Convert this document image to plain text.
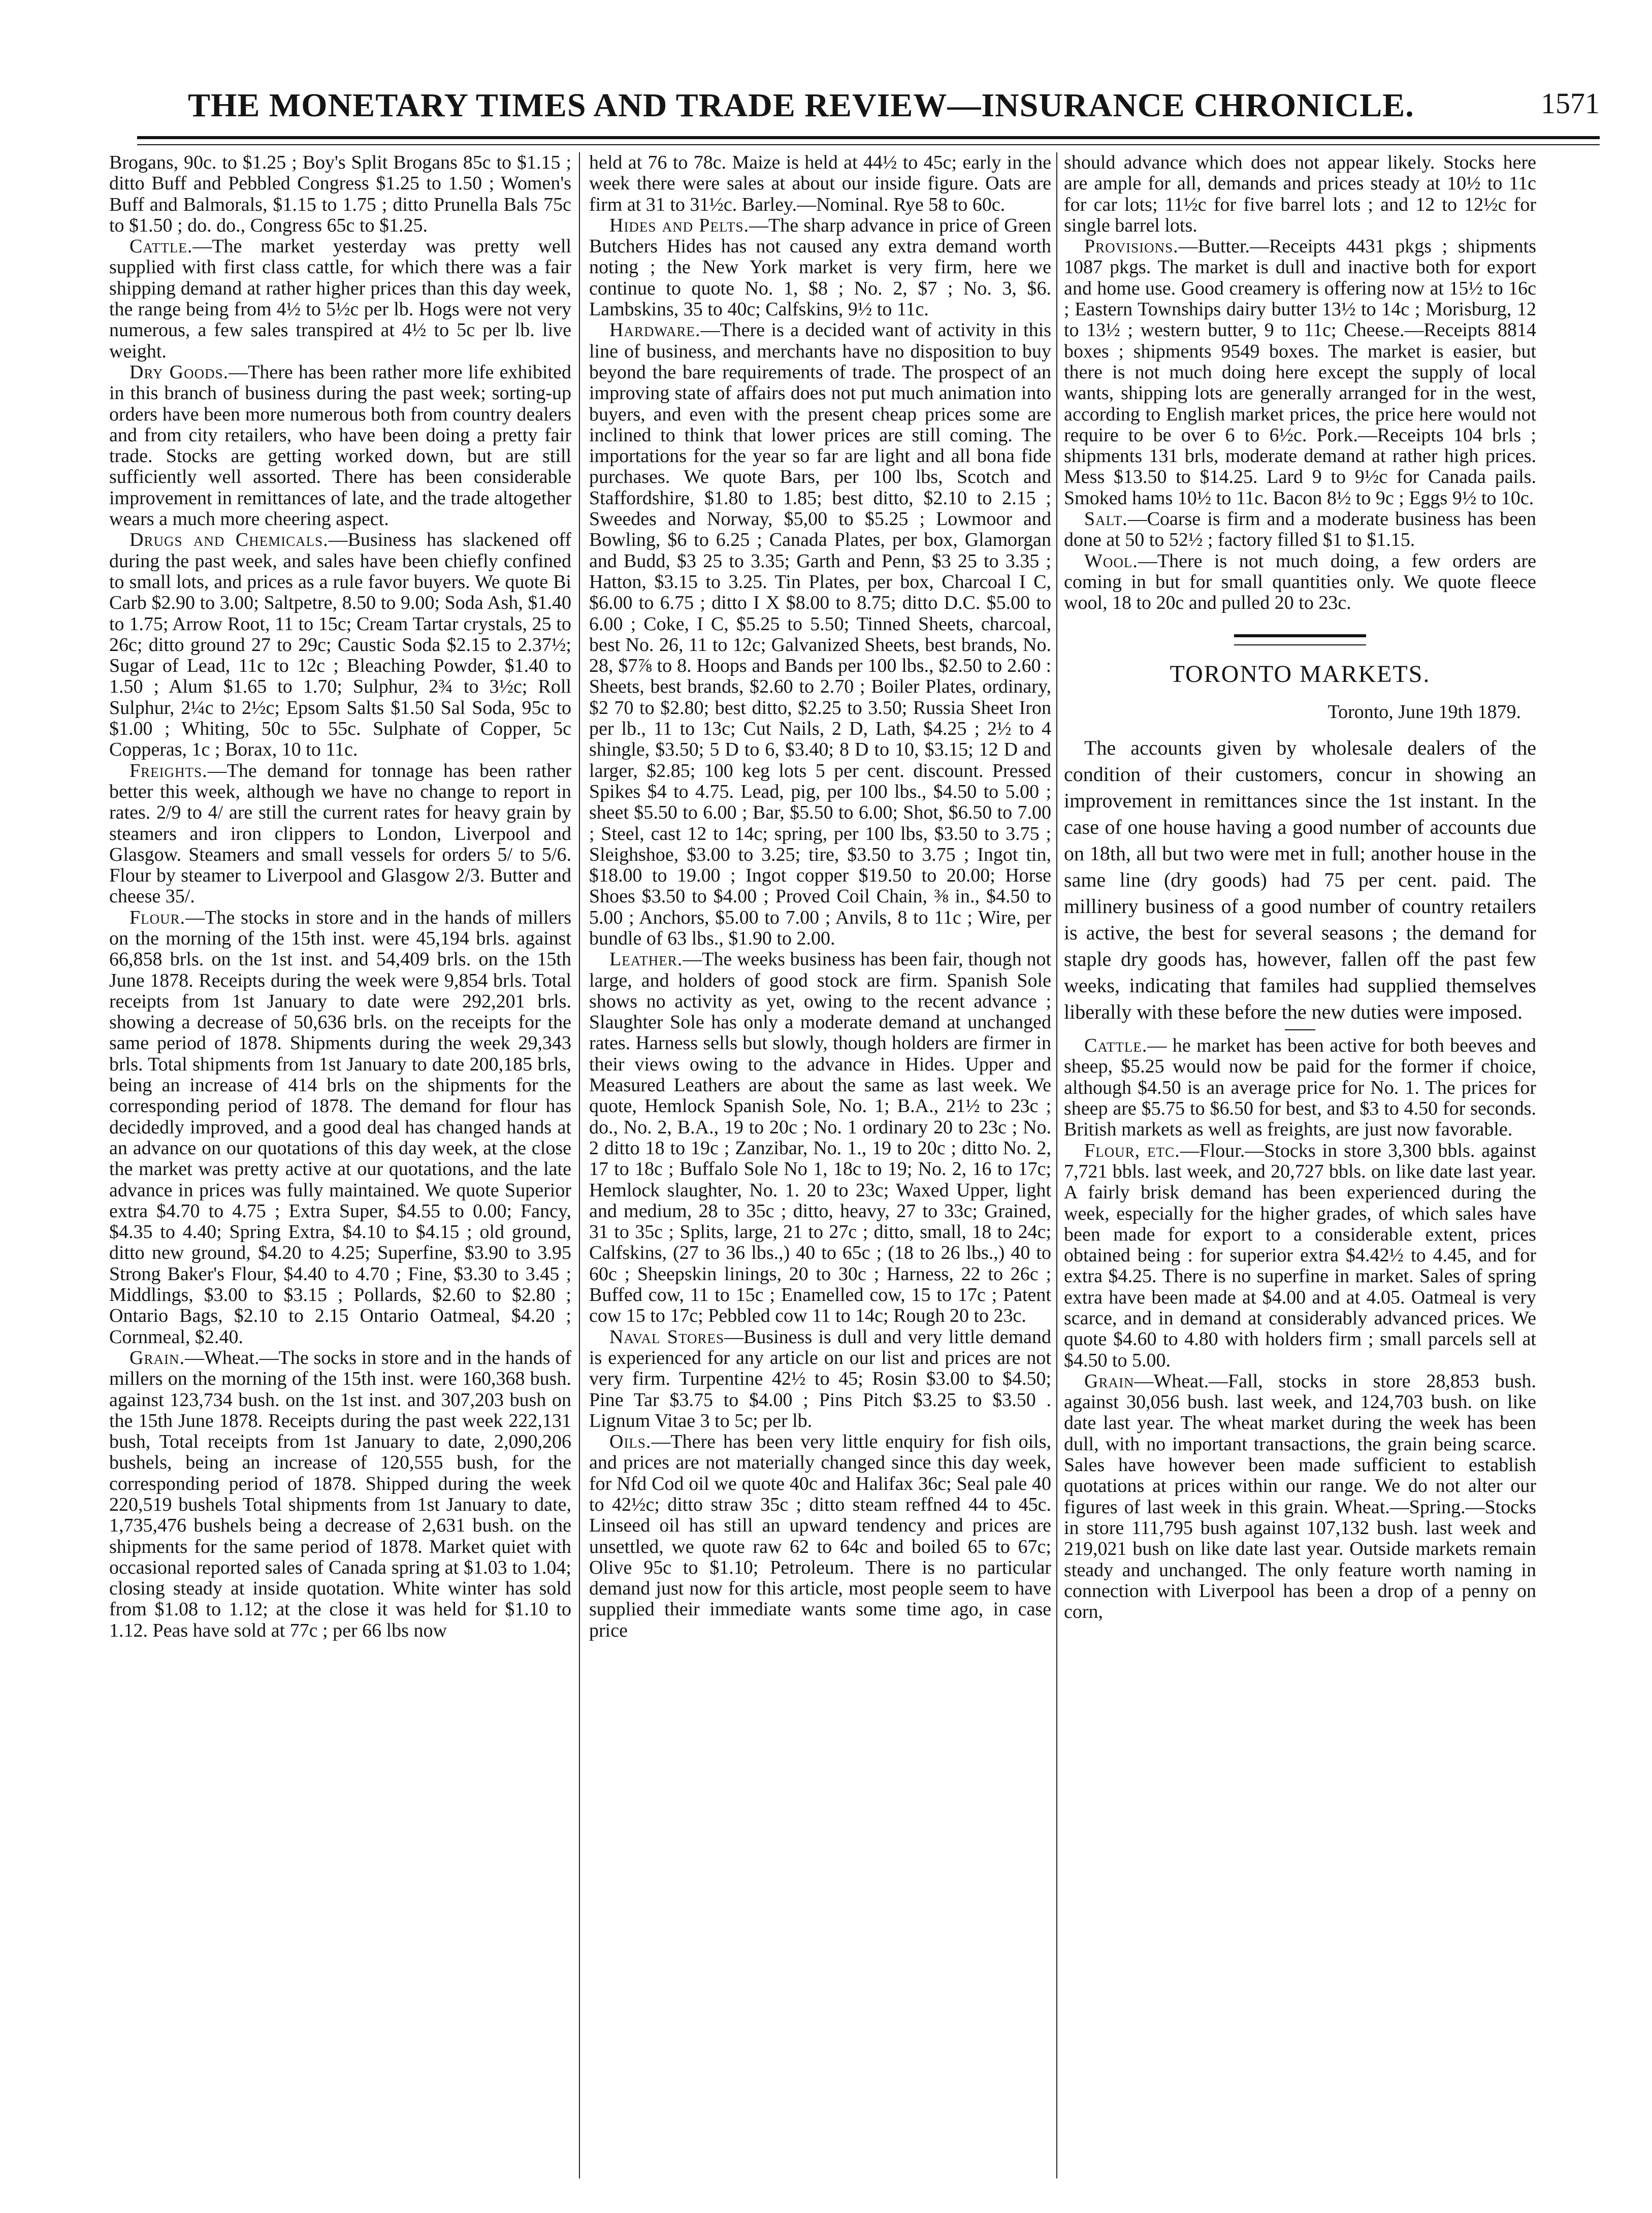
THE MONETARY TIMES AND TRADE REVIEW—INSURANCE CHRONICLE.	1571

Brogans, 90c. to $1.25 ; Boy's Split Brogans 85c to $1.15 ; ditto Buff and Pebbled Congress $1.25 to 1.50 ; Women's Buff and Balmorals, $1.15 to 1.75 ; ditto Prunella Bals 75c to $1.50 ; do. do., Congress 65c to $1.25.

Cattle.—The market yesterday was pretty well supplied with first class cattle, for which there was a fair shipping demand at rather higher prices than this day week, the range being from 4½ to 5½c per lb. Hogs were not very numerous, a few sales transpired at 4½ to 5c per lb. live weight.

Dry Goods.—There has been rather more life exhibited in this branch of business during the past week; sorting-up orders have been more numerous both from country dealers and from city retailers, who have been doing a pretty fair trade. Stocks are getting worked down, but are still sufficiently well assorted. There has been considerable improvement in remittances of late, and the trade altogether wears a much more cheering aspect.

Drugs and Chemicals.—Business has slackened off during the past week, and sales have been chiefly confined to small lots, and prices as a rule favor buyers. We quote Bi Carb $2.90 to 3.00; Saltpetre, 8.50 to 9.00; Soda Ash, $1.40 to 1.75; Arrow Root, 11 to 15c; Cream Tartar crystals, 25 to 26c; ditto ground 27 to 29c; Caustic Soda $2.15 to 2.37½; Sugar of Lead, 11c to 12c ; Bleaching Powder, $1.40 to 1.50 ; Alum $1.65 to 1.70; Sulphur, 2¾ to 3½c; Roll Sulphur, 2¼c to 2½c; Epsom Salts $1.50 Sal Soda, 95c to $1.00 ; Whiting, 50c to 55c. Sulphate of Copper, 5c Copperas, 1c ; Borax, 10 to 11c.

Freights.—The demand for tonnage has been rather better this week, although we have no change to report in rates. 2/9 to 4/ are still the current rates for heavy grain by steamers and iron clippers to London, Liverpool and Glasgow. Steamers and small vessels for orders 5/ to 5/6. Flour by steamer to Liverpool and Glasgow 2/3. Butter and cheese 35/.

Flour.—The stocks in store and in the hands of millers on the morning of the 15th inst. were 45,194 brls. against 66,858 brls. on the 1st inst. and 54,409 brls. on the 15th June 1878. Receipts during the week were 9,854 brls. Total receipts from 1st January to date were 292,201 brls. showing a decrease of 50,636 brls. on the receipts for the same period of 1878. Shipments during the week 29,343 brls. Total shipments from 1st January to date 200,185 brls, being an increase of 414 brls on the shipments for the corresponding period of 1878. The demand for flour has decidedly improved, and a good deal has changed hands at an advance on our quotations of this day week, at the close the market was pretty active at our quotations, and the late advance in prices was fully maintained. We quote Superior extra $4.70 to 4.75 ; Extra Super, $4.55 to 0.00; Fancy, $4.35 to 4.40; Spring Extra, $4.10 to $4.15 ; old ground, ditto new ground, $4.20 to 4.25; Superfine, $3.90 to 3.95 Strong Baker's Flour, $4.40 to 4.70 ; Fine, $3.30 to 3.45 ; Middlings, $3.00 to $3.15 ; Pollards, $2.60 to $2.80 ; Ontario Bags, $2.10 to 2.15 Ontario Oatmeal, $4.20 ; Cornmeal, $2.40.

Grain.—Wheat.—The socks in store and in the hands of millers on the morning of the 15th inst. were 160,368 bush. against 123,734 bush. on the 1st inst. and 307,203 bush on the 15th June 1878. Receipts during the past week 222,131 bush, Total receipts from 1st January to date, 2,090,206 bushels, being an increase of 120,555 bush, for the corresponding period of 1878. Shipped during the week 220,519 bushels Total shipments from 1st January to date, 1,735,476 bushels being a decrease of 2,631 bush. on the shipments for the same period of 1878. Market quiet with occasional reported sales of Canada spring at $1.03 to 1.04; closing steady at inside quotation. White winter has sold from $1.08 to 1.12; at the close it was held for $1.10 to 1.12. Peas have sold at 77c ; per 66 lbs now

held at 76 to 78c. Maize is held at 44½ to 45c; early in the week there were sales at about our inside figure. Oats are firm at 31 to 31½c. Barley.—Nominal. Rye 58 to 60c.

Hides and Pelts.—The sharp advance in price of Green Butchers Hides has not caused any extra demand worth noting ; the New York market is very firm, here we continue to quote No. 1, $8 ; No. 2, $7 ; No. 3, $6. Lambskins, 35 to 40c; Calfskins, 9½ to 11c.

Hardware.—There is a decided want of activity in this line of business, and merchants have no disposition to buy beyond the bare requirements of trade. The prospect of an improving state of affairs does not put much animation into buyers, and even with the present cheap prices some are inclined to think that lower prices are still coming. The importations for the year so far are light and all bona fide purchases. We quote Bars, per 100 lbs, Scotch and Staffordshire, $1.80 to 1.85; best ditto, $2.10 to 2.15 ; Sweedes and Norway, $5,00 to $5.25 ; Lowmoor and Bowling, $6 to 6.25 ; Canada Plates, per box, Glamorgan and Budd, $3 25 to 3.35; Garth and Penn, $3 25 to 3.35 ; Hatton, $3.15 to 3.25. Tin Plates, per box, Charcoal I C, $6.00 to 6.75 ; ditto I X $8.00 to 8.75; ditto D.C. $5.00 to 6.00 ; Coke, I C, $5.25 to 5.50; Tinned Sheets, charcoal, best No. 26, 11 to 12c; Galvanized Sheets, best brands, No. 28, $7⅞ to 8. Hoops and Bands per 100 lbs., $2.50 to 2.60 : Sheets, best brands, $2.60 to 2.70 ; Boiler Plates, ordinary, $2 70 to $2.80; best ditto, $2.25 to 3.50; Russia Sheet Iron per lb., 11 to 13c; Cut Nails, 2 D, Lath, $4.25 ; 2½ to 4 shingle, $3.50; 5 D to 6, $3.40; 8 D to 10, $3.15; 12 D and larger, $2.85; 100 keg lots 5 per cent. discount. Pressed Spikes $4 to 4.75. Lead, pig, per 100 lbs., $4.50 to 5.00 ; sheet $5.50 to 6.00 ; Bar, $5.50 to 6.00; Shot, $6.50 to 7.00 ; Steel, cast 12 to 14c; spring, per 100 lbs, $3.50 to 3.75 ; Sleighshoe, $3.00 to 3.25; tire, $3.50 to 3.75 ; Ingot tin, $18.00 to 19.00 ; Ingot copper $19.50 to 20.00; Horse Shoes $3.50 to $4.00 ; Proved Coil Chain, ⅜ in., $4.50 to 5.00 ; Anchors, $5.00 to 7.00 ; Anvils, 8 to 11c ; Wire, per bundle of 63 lbs., $1.90 to 2.00.

Leather.—The weeks business has been fair, though not large, and holders of good stock are firm. Spanish Sole shows no activity as yet, owing to the recent advance ; Slaughter Sole has only a moderate demand at unchanged rates. Harness sells but slowly, though holders are firmer in their views owing to the advance in Hides. Upper and Measured Leathers are about the same as last week. We quote, Hemlock Spanish Sole, No. 1; B.A., 21½ to 23c ; do., No. 2, B.A., 19 to 20c ; No. 1 ordinary 20 to 23c ; No. 2 ditto 18 to 19c ; Zanzibar, No. 1., 19 to 20c ; ditto No. 2, 17 to 18c ; Buffalo Sole No 1, 18c to 19; No. 2, 16 to 17c; Hemlock slaughter, No. 1. 20 to 23c; Waxed Upper, light and medium, 28 to 35c ; ditto, heavy, 27 to 33c; Grained, 31 to 35c ; Splits, large, 21 to 27c ; ditto, small, 18 to 24c; Calfskins, (27 to 36 lbs.,) 40 to 65c ; (18 to 26 lbs.,) 40 to 60c ; Sheepskin linings, 20 to 30c ; Harness, 22 to 26c ; Buffed cow, 11 to 15c ; Enamelled cow, 15 to 17c ; Patent cow 15 to 17c; Pebbled cow 11 to 14c; Rough 20 to 23c.

Naval Stores—Business is dull and very little demand is experienced for any article on our list and prices are not very firm. Turpentine 42½ to 45; Rosin $3.00 to $4.50; Pine Tar $3.75 to $4.00 ; Pins Pitch $3.25 to $3.50 . Lignum Vitae 3 to 5c; per lb.

Oils.—There has been very little enquiry for fish oils, and prices are not materially changed since this day week, for Nfd Cod oil we quote 40c and Halifax 36c; Seal pale 40 to 42½c; ditto straw 35c ; ditto steam reffned 44 to 45c. Linseed oil has still an upward tendency and prices are unsettled, we quote raw 62 to 64c and boiled 65 to 67c; Olive 95c to $1.10; Petroleum. There is no particular demand just now for this article, most people seem to have supplied their immediate wants some time ago, in case price

should advance which does not appear likely. Stocks here are ample for all, demands and prices steady at 10½ to 11c for car lots; 11½c for five barrel lots ; and 12 to 12½c for single barrel lots.

Provisions.—Butter.—Receipts 4431 pkgs ; shipments 1087 pkgs. The market is dull and inactive both for export and home use. Good creamery is offering now at 15½ to 16c ; Eastern Townships dairy butter 13½ to 14c ; Morisburg, 12 to 13½ ; western butter, 9 to 11c; Cheese.—Receipts 8814 boxes ; shipments 9549 boxes. The market is easier, but there is not much doing here except the supply of local wants, shipping lots are generally arranged for in the west, according to English market prices, the price here would not require to be over 6 to 6½c. Pork.—Receipts 104 brls ; shipments 131 brls, moderate demand at rather high prices. Mess $13.50 to $14.25. Lard 9 to 9½c for Canada pails. Smoked hams 10½ to 11c. Bacon 8½ to 9c ; Eggs 9½ to 10c.

Salt.—Coarse is firm and a moderate business has been done at 50 to 52½ ; factory filled $1 to $1.15.

Wool.—There is not much doing, a few orders are coming in but for small quantities only. We quote fleece wool, 18 to 20c and pulled 20 to 23c.

TORONTO MARKETS.

Toronto, June 19th 1879.

The accounts given by wholesale dealers of the condition of their customers, concur in showing an improvement in remittances since the 1st instant. In the case of one house having a good number of accounts due on 18th, all but two were met in full; another house in the same line (dry goods) had 75 per cent. paid. The millinery business of a good number of country retailers is active, the best for several seasons ; the demand for staple dry goods has, however, fallen off the past few weeks, indicating that familes had supplied themselves liberally with these before the new duties were imposed.

Cattle.— he market has been active for both beeves and sheep, $5.25 would now be paid for the former if choice, although $4.50 is an average price for No. 1. The prices for sheep are $5.75 to $6.50 for best, and $3 to 4.50 for seconds. British markets as well as freights, are just now favorable.

Flour, etc.—Flour.—Stocks in store 3,300 bbls. against 7,721 bbls. last week, and 20,727 bbls. on like date last year. A fairly brisk demand has been experienced during the week, especially for the higher grades, of which sales have been made for export to a considerable extent, prices obtained being : for superior extra $4.42½ to 4.45, and for extra $4.25. There is no superfine in market. Sales of spring extra have been made at $4.00 and at 4.05. Oatmeal is very scarce, and in demand at considerably advanced prices. We quote $4.60 to 4.80 with holders firm ; small parcels sell at $4.50 to 5.00.

Grain—Wheat.—Fall, stocks in store 28,853 bush. against 30,056 bush. last week, and 124,703 bush. on like date last year. The wheat market during the week has been dull, with no important transactions, the grain being scarce. Sales have however been made sufficient to establish quotations at prices within our range. We do not alter our figures of last week in this grain. Wheat.—Spring.—Stocks in store 111,795 bush against 107,132 bush. last week and 219,021 bush on like date last year. Outside markets remain steady and unchanged. The only feature worth naming in connection with Liverpool has been a drop of a penny on corn,
